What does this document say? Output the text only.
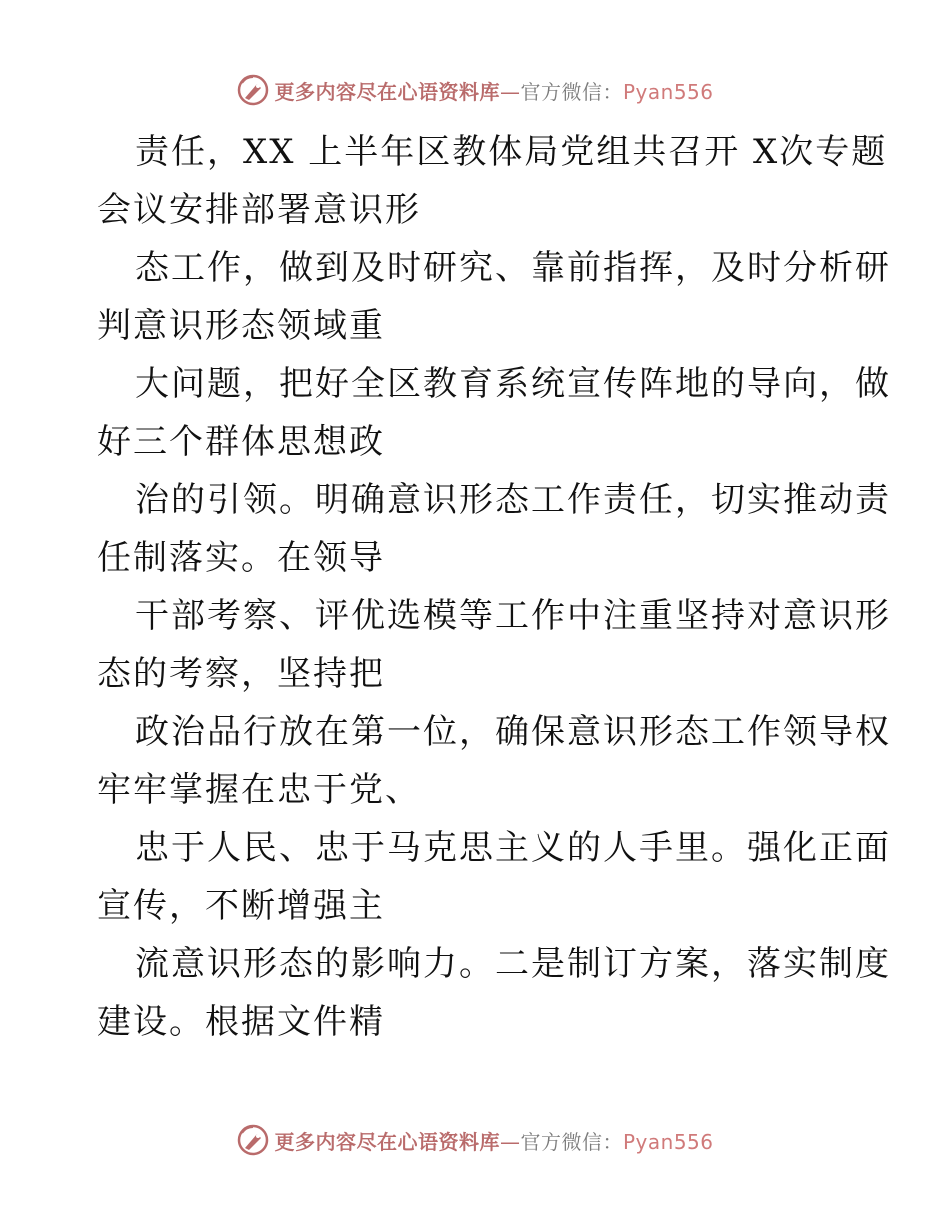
更多内容尽在心语资料库—官方微信：Pyan556
责任，XX 上半年区教体局党组共召开 X次专题
会议安排部署意识形
态工作，做到及时研究、靠前指挥，及时分析研
判意识形态领域重
大问题，把好全区教育系统宣传阵地的导向，做
好三个群体思想政
治的引领。明确意识形态工作责任，切实推动责
任制落实。在领导
干部考察、评优选模等工作中注重坚持对意识形
态的考察，坚持把
政治品行放在第一位，确保意识形态工作领导权
牢牢掌握在忠于党、
忠于人民、忠于马克思主义的人手里。强化正面
宣传，不断增强主
流意识形态的影响力。二是制订方案，落实制度
建设。根据文件精
更多内容尽在心语资料库—官方微信：Pyan556
